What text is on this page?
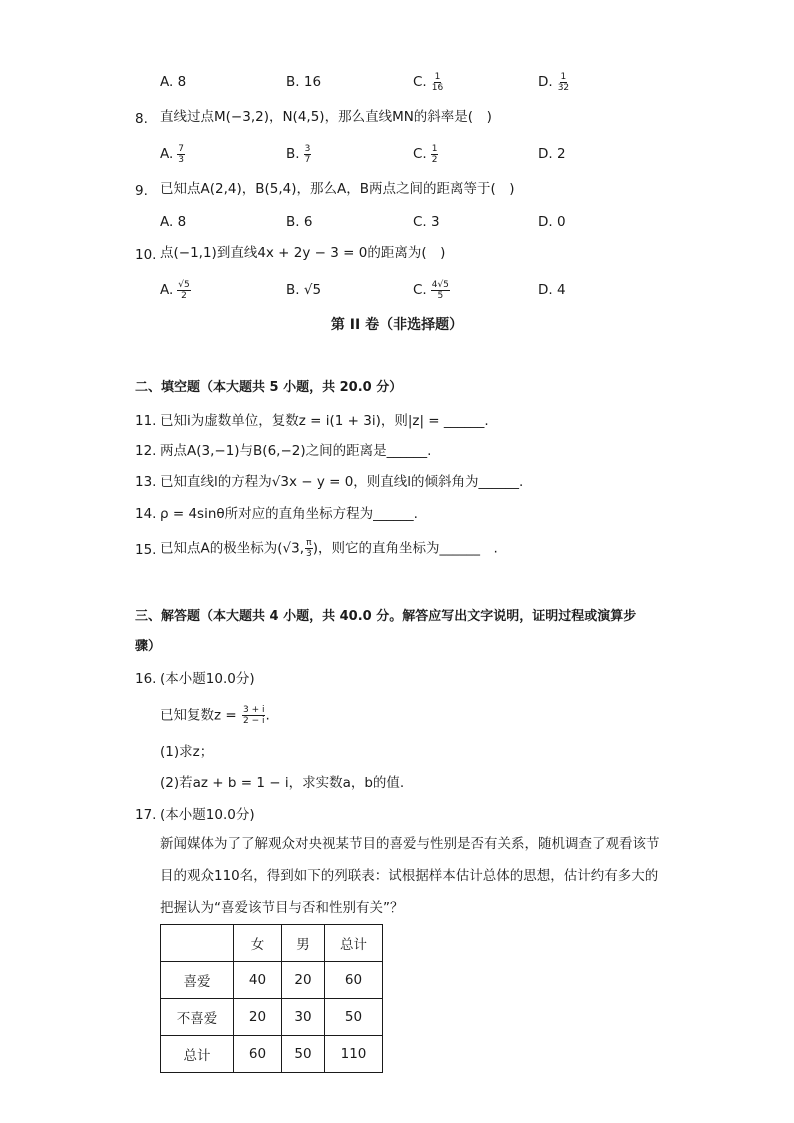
A. 8	B. 16	C. $\frac{1}{16}$	D. $\frac{1}{32}$
8. 直线过点M(−3,2)，N(4,5)，那么直线MN的斜率是(　)
A. $\frac{7}{3}$	B. $\frac{3}{7}$	C. $\frac{1}{2}$	D. 2
9. 已知点A(2,4)，B(5,4)，那么A，B两点之间的距离等于(　)
A. 8	B. 6	C. 3	D. 0
10. 点(−1,1)到直线4x + 2y − 3 = 0的距离为(　)
A. $\frac{√5}{2}$	B. √5	C. $\frac{4√5}{5}$	D. 4
第 II 卷（非选择题）
二、填空题（本大题共 5 小题，共 20.0 分）
11. 已知i为虚数单位，复数z = i(1 + 3i)，则|z| = ______.
12. 两点A(3,−1)与B(6,−2)之间的距离是______.
13. 已知直线l的方程为√3x − y = 0，则直线l的倾斜角为______.
14. ρ = 4sinθ所对应的直角坐标方程为______.
15. 已知点A的极坐标为(√3, $\frac{\pi}{3}$ )，则它的直角坐标为______　.
三、解答题（本大题共 4 小题，共 40.0 分。解答应写出文字说明，证明过程或演算步
骤）
16. (本小题10.0分)
已知复数$z = \frac{3 + i}{2 - i}$ .
(1)求z；
(2)若az + b = 1 − i，求实数a，b的值.
17. (本小题10.0分)
新闻媒体为了了解观众对央视某节目的喜爱与性别是否有关系，随机调查了观看该节目的观众110名，得到如下的列联表：试根据样本估计总体的思想，估计约有多大的把握认为“喜爱该节目与否和性别有关”？
	女	男	总计
喜爱	40	20	60
不喜爱	20	30	50
总计	60	50	110
